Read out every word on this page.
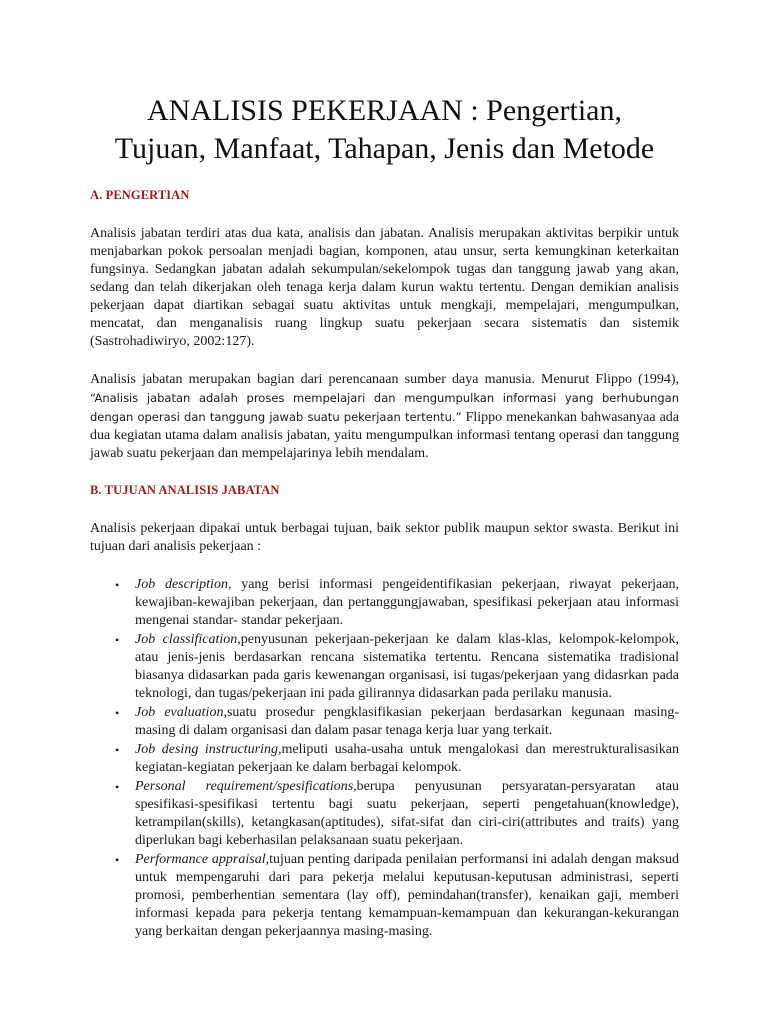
ANALISIS PEKERJAAN : Pengertian,
Tujuan, Manfaat, Tahapan, Jenis dan Metode
A. PENGERTIAN

Analisis jabatan terdiri atas dua kata, analisis dan jabatan. Analisis merupakan aktivitas berpikir untuk menjabarkan pokok persoalan menjadi bagian, komponen, atau unsur, serta kemungkinan keterkaitan fungsinya. Sedangkan jabatan adalah sekumpulan/sekelompok tugas dan tanggung jawab yang akan, sedang dan telah dikerjakan oleh tenaga kerja dalam kurun waktu tertentu. Dengan demikian analisis pekerjaan dapat diartikan sebagai suatu aktivitas untuk mengkaji, mempelajari, mengumpulkan, mencatat, dan menganalisis ruang lingkup suatu pekerjaan secara sistematis dan sistemik (Sastrohadiwiryo, 2002:127).

Analisis jabatan merupakan bagian dari perencanaan sumber daya manusia. Menurut Flippo (1994), “Analisis jabatan adalah proses mempelajari dan mengumpulkan informasi yang berhubungan dengan operasi dan tanggung jawab suatu pekerjaan tertentu.” Flippo menekankan bahwasanyaa ada dua kegiatan utama dalam analisis jabatan, yaitu mengumpulkan informasi tentang operasi dan tanggung jawab suatu pekerjaan dan mempelajarinya lebih mendalam.

B. TUJUAN ANALISIS JABATAN

Analisis pekerjaan dipakai untuk berbagai tujuan, baik sektor publik maupun sektor swasta. Berikut ini tujuan dari analisis pekerjaan :

• Job description, yang berisi informasi pengeidentifikasian pekerjaan, riwayat pekerjaan, kewajiban-kewajiban pekerjaan, dan pertanggungjawaban, spesifikasi pekerjaan atau informasi mengenai standar- standar pekerjaan.
• Job classification,penyusunan pekerjaan-pekerjaan ke dalam klas-klas, kelompok-kelompok, atau jenis-jenis berdasarkan rencana sistematika tertentu. Rencana sistematika tradisional biasanya didasarkan pada garis kewenangan organisasi, isi tugas/pekerjaan yang didasrkan pada teknologi, dan tugas/pekerjaan ini pada gilirannya didasarkan pada perilaku manusia.
• Job evaluation,suatu prosedur pengklasifikasian pekerjaan berdasarkan kegunaan masing-masing di dalam organisasi dan dalam pasar tenaga kerja luar yang terkait.
• Job desing instructuring,meliputi usaha-usaha untuk mengalokasi dan merestrukturalisasikan kegiatan-kegiatan pekerjaan ke dalam berbagai kelompok.
• Personal requirement/spesifications,berupa penyusunan persyaratan-persyaratan atau spesifikasi-spesifikasi tertentu bagi suatu pekerjaan, seperti pengetahuan(knowledge), ketrampilan(skills), ketangkasan(aptitudes), sifat-sifat dan ciri-ciri(attributes and traits) yang diperlukan bagi keberhasilan pelaksanaan suatu pekerjaan.
• Performance appraisal,tujuan penting daripada penilaian performansi ini adalah dengan maksud untuk mempengaruhi dari para pekerja melalui keputusan-keputusan administrasi, seperti promosi, pemberhentian sementara (lay off), pemindahan(transfer), kenaikan gaji, memberi informasi kepada para pekerja tentang kemampuan-kemampuan dan kekurangan-kekurangan yang berkaitan dengan pekerjaannya masing-masing.
